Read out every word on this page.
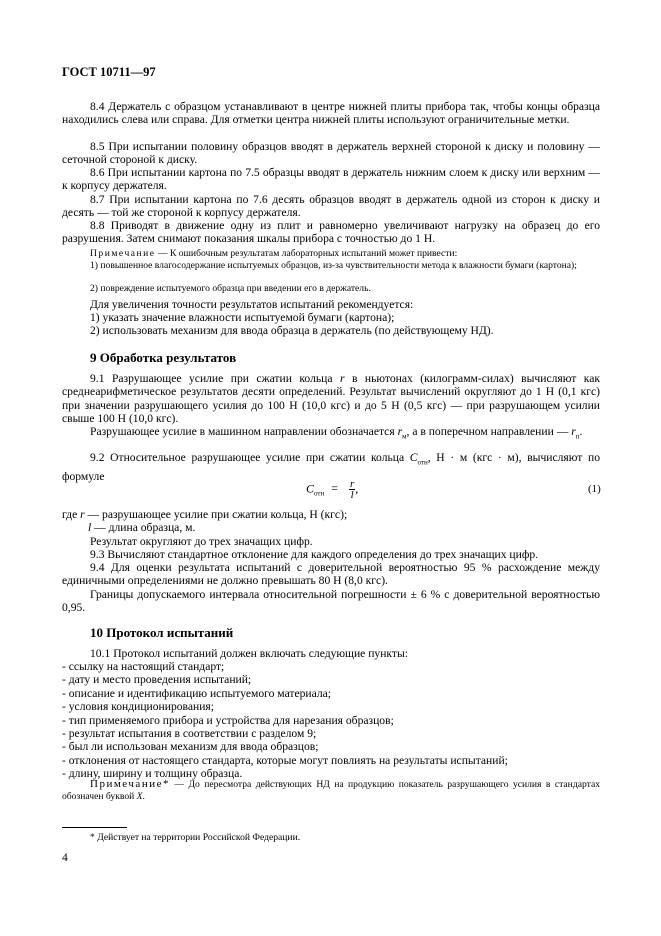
ГОСТ 10711—97
8.4 Держатель с образцом устанавливают в центре нижней плиты прибора так, чтобы концы образца находились слева или справа. Для отметки центра нижней плиты используют ограничительные метки.
8.5 При испытании половину образцов вводят в держатель верхней стороной к диску и половину — сеточной стороной к диску.
8.6 При испытании картона по 7.5 образцы вводят в держатель нижним слоем к диску или верхним — к корпусу держателя.
8.7 При испытании картона по 7.6 десять образцов вводят в держатель одной из сторон к диску и десять — той же стороной к корпусу держателя.
8.8 Приводят в движение одну из плит и равномерно увеличивают нагрузку на образец до его разрушения. Затем снимают показания шкалы прибора с точностью до 1 Н.
Примечание — К ошибочным результатам лабораторных испытаний может привести:
1) повышенное влагосодержание испытуемых образцов, из-за чувствительности метода к влажности бумаги (картона);
2) повреждение испытуемого образца при введении его в держатель.
Для увеличения точности результатов испытаний рекомендуется:
1) указать значение влажности испытуемой бумаги (картона);
2) использовать механизм для ввода образца в держатель (по действующему НД).
9 Обработка результатов
9.1 Разрушающее усилие при сжатии кольца r в ньютонах (килограмм-силах) вычисляют как среднеарифметическое результатов десяти определений. Результат вычислений округляют до 1 Н (0,1 кгс) при значении разрушающего усилия до 100 Н (10,0 кгс) и до 5 Н (0,5 кгс) — при разрушающем усилии свыше 100 Н (10,0 кгс).
Разрушающее усилие в машинном направлении обозначается $r_м$, а в поперечном направлении — $r_п$.
9.2 Относительное разрушающее усилие при сжатии кольца $C_{отн}$, Н · м (кгс · м), вычисляют по формуле
$C_{отн} = \frac{r}{l}$ ,	(1)
где r — разрушающее усилие при сжатии кольца, Н (кгс);
l — длина образца, м.
Результат округляют до трех значащих цифр.
9.3 Вычисляют стандартное отклонение для каждого определения до трех значащих цифр.
9.4 Для оценки результата испытаний с доверительной вероятностью 95 % расхождение между единичными определениями не должно превышать 80 Н (8,0 кгс).
Границы допускаемого интервала относительной погрешности ± 6 % с доверительной вероятностью 0,95.
10 Протокол испытаний
10.1 Протокол испытаний должен включать следующие пункты:
- ссылку на настоящий стандарт;
- дату и место проведения испытаний;
- описание и идентификацию испытуемого материала;
- условия кондиционирования;
- тип применяемого прибора и устройства для нарезания образцов;
- результат испытания в соответствии с разделом 9;
- был ли использован механизм для ввода образцов;
- отклонения от настоящего стандарта, которые могут повлиять на результаты испытаний;
- длину, ширину и толщину образца.
Примечание* — До пересмотра действующих НД на продукцию показатель разрушающего усилия в стандартах обозначен буквой X.
* Действует на территории Российской Федерации.
4
